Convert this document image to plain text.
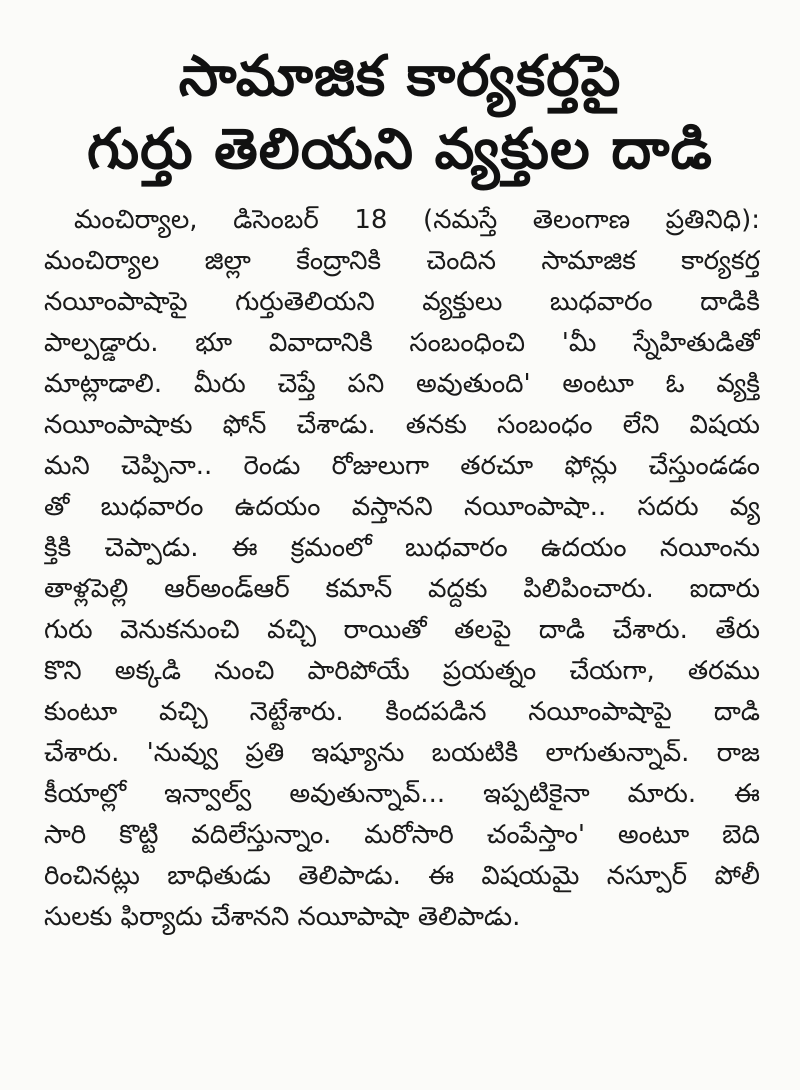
సామాజిక కార్యకర్తపై
గుర్తు తెలియని వ్యక్తుల దాడి
మంచిర్యాల, డిసెంబర్ 18 (నమస్తే తెలంగాణ ప్రతినిధి):
మంచిర్యాల జిల్లా కేంద్రానికి చెందిన సామాజిక కార్యకర్త
నయీంపాషాపై గుర్తుతెలియని వ్యక్తులు బుధవారం దాడికి
పాల్పడ్డారు. భూ వివాదానికి సంబంధించి 'మీ స్నేహితుడితో
మాట్లాడాలి. మీరు చెప్తే పని అవుతుంది' అంటూ ఓ వ్యక్తి
నయీంపాషాకు ఫోన్ చేశాడు. తనకు సంబంధం లేని విషయ
మని చెప్పినా.. రెండు రోజులుగా తరచూ ఫోన్లు చేస్తుండడం
తో బుధవారం ఉదయం వస్తానని నయీంపాషా.. సదరు వ్య
క్తికి చెప్పాడు. ఈ క్రమంలో బుధవారం ఉదయం నయీంను
తాళ్లపెల్లి ఆర్అండ్ఆర్ కమాన్ వద్దకు పిలిపించారు. ఐదారు
గురు వెనుకనుంచి వచ్చి రాయితో తలపై దాడి చేశారు. తేరు
కొని అక్కడి నుంచి పారిపోయే ప్రయత్నం చేయగా, తరము
కుంటూ వచ్చి నెట్టేశారు. కిందపడిన నయీంపాషాపై దాడి
చేశారు. 'నువ్వు ప్రతి ఇష్యూను బయటికి లాగుతున్నావ్. రాజ
కీయాల్లో ఇన్వాల్వ్ అవుతున్నావ్... ఇప్పటికైనా మారు. ఈ
సారి కొట్టి వదిలేస్తున్నాం. మరోసారి చంపేస్తాం' అంటూ బెది
రించినట్లు బాధితుడు తెలిపాడు. ఈ విషయమై నస్పూర్ పోలీ
సులకు ఫిర్యాదు చేశానని నయీపాషా తెలిపాడు.
